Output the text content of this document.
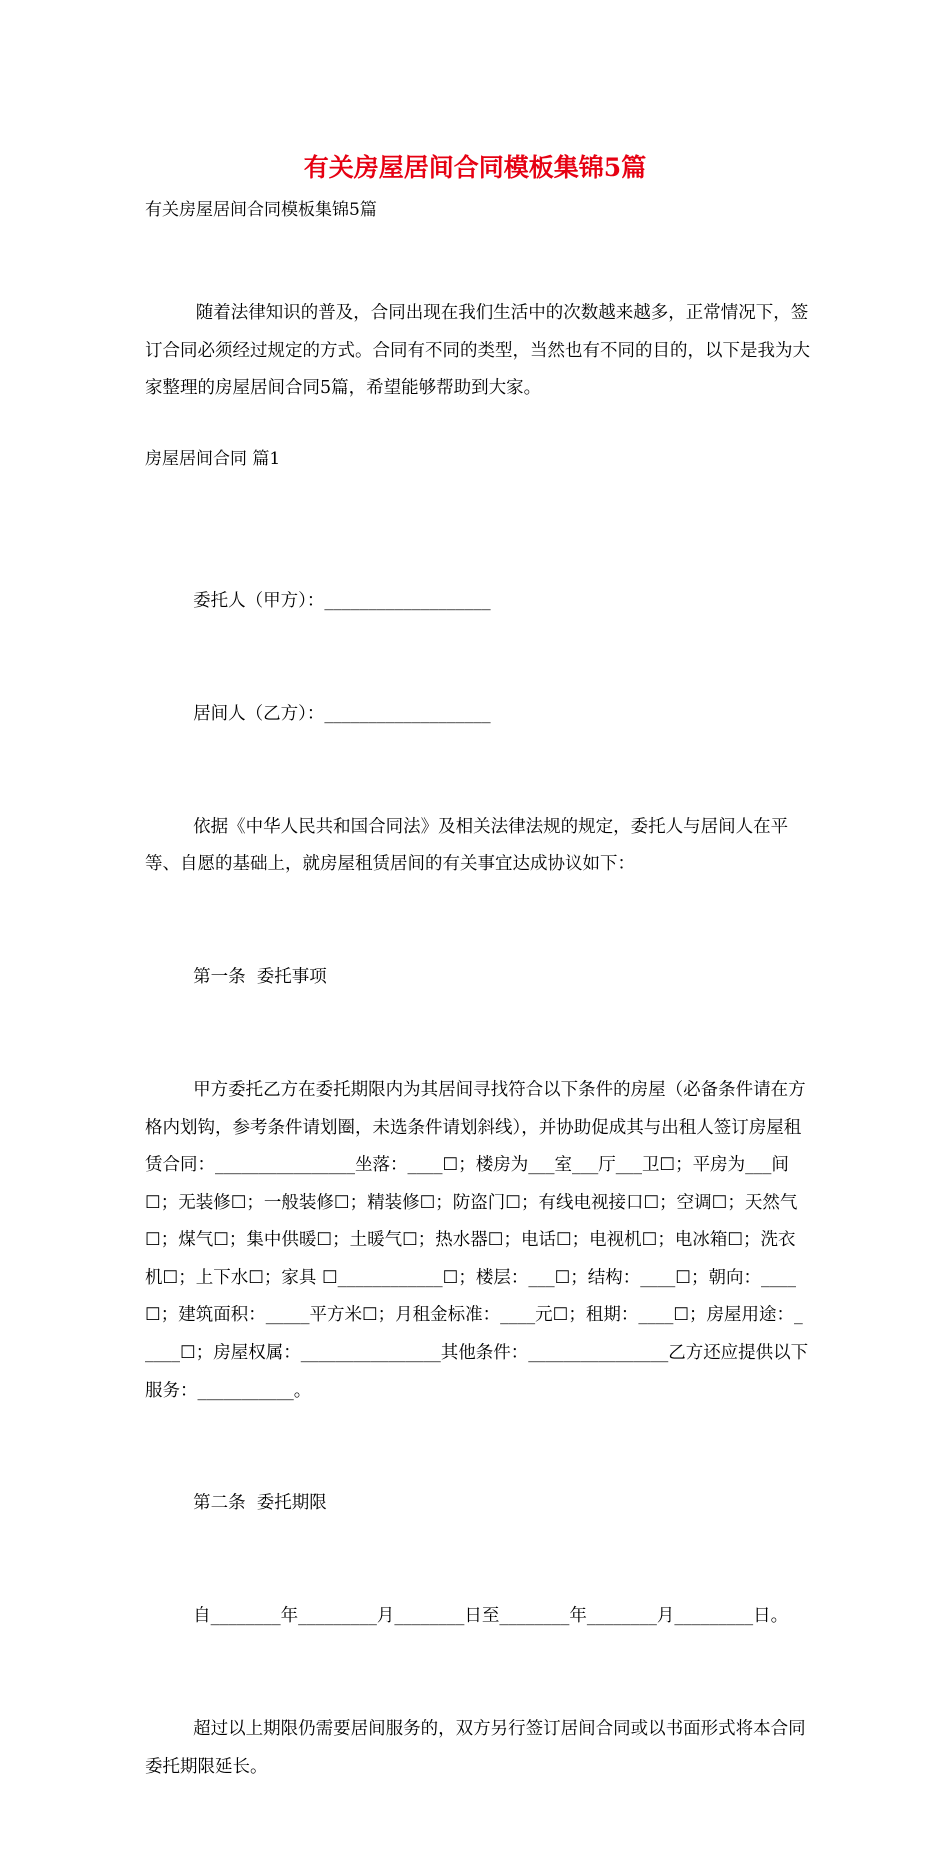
有关房屋居间合同模板集锦5篇
有关房屋居间合同模板集锦5篇

随着法律知识的普及，合同出现在我们生活中的次数越来越多，正常情况下，签订合同必须经过规定的方式。合同有不同的类型，当然也有不同的目的，以下是我为大家整理的房屋居间合同5篇，希望能够帮助到大家。

房屋居间合同 篇1

委托人（甲方）：___________________

居间人（乙方）：___________________

依据《中华人民共和国合同法》及相关法律法规的规定，委托人与居间人在平等、自愿的基础上，就房屋租赁居间的有关事宜达成协议如下：

第一条  委托事项

甲方委托乙方在委托期限内为其居间寻找符合以下条件的房屋（必备条件请在方格内划钩，参考条件请划圈，未选条件请划斜线），并协助促成其与出租人签订房屋租赁合同：________________坐落：____☐；楼房为___室___厅___卫☐；平房为___间☐；无装修☐；一般装修☐；精装修☐；防盗门☐；有线电视接口☐；空调☐；天然气☐；煤气☐；集中供暖☐；土暖气☐；热水器☐；电话☐；电视机☐；电冰箱☐；洗衣机☐；上下水☐；家具 ☐____________☐；楼层：___☐；结构：____☐；朝向：____☐；建筑面积：_____平方米☐；月租金标准：____元☐；租期：____☐；房屋用途：_____☐；房屋权属：________________其他条件：________________乙方还应提供以下服务：___________。

第二条  委托期限

自________年_________月________日至________年________月_________日。

超过以上期限仍需要居间服务的，双方另行签订居间合同或以书面形式将本合同委托期限延长。
